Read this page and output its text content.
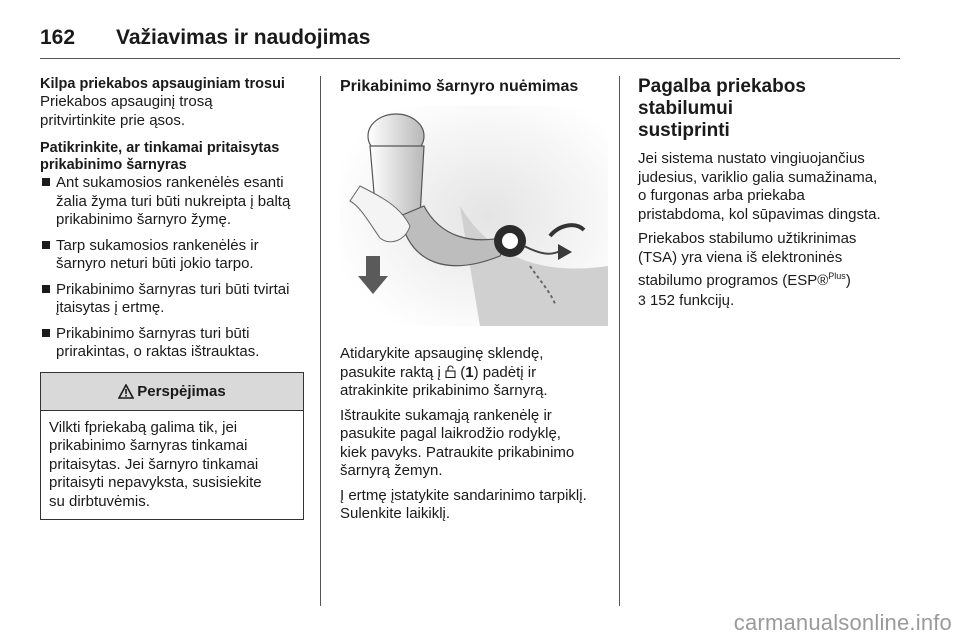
162	Važiavimas ir naudojimas

Kilpa priekabos apsauginiam trosui

Priekabos apsauginį trosą
pritvirtinkite prie ąsos.

Patikrinkite, ar tinkamai pritaisytas
prikabinimo šarnyras

Ant sukamosios rankenėlės esanti
žalia žyma turi būti nukreipta į baltą
prikabinimo šarnyro žymę.
Tarp sukamosios rankenėlės ir
šarnyro neturi būti jokio tarpo.
Prikabinimo šarnyras turi būti tvirtai
įtaisytas į ertmę.
Prikabinimo šarnyras turi būti
prirakintas, o raktas ištrauktas.
Perspėjimas
Vilkti fpriekabą galima tik, jei
prikabinimo šarnyras tinkamai
pritaisytas. Jei šarnyro tinkamai
pritaisyti nepavyksta, susisiekite
su dirbtuvėmis.
Prikabinimo šarnyro nuėmimas

Atidarykite apsauginę sklendę,
pasukite raktą į  (1) padėtį ir
atrakinkite prikabinimo šarnyrą.

Ištraukite sukamąją rankenėlę ir
pasukite pagal laikrodžio rodyklę,
kiek pavyks. Patraukite prikabinimo
šarnyrą žemyn.

Į ertmę įstatykite sandarinimo tarpiklį.
Sulenkite laikiklį.

Pagalba priekabos stabilumui
sustiprinti

Jei sistema nustato vingiuojančius
judesius, variklio galia sumažinama,
o furgonas arba priekaba
pristabdoma, kol sūpavimas dingsta.

Priekabos stabilumo užtikrinimas
(TSA) yra viena iš elektroninės
stabilumo programos (ESP®$^{Plus}$)
3 152 funkcijų.

carmanualsonline.info
